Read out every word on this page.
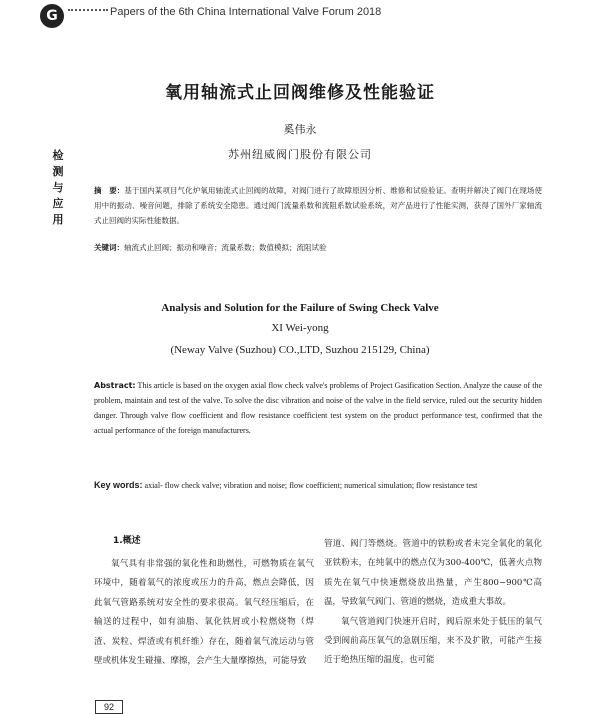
G	Papers of the 6th China International Valve Forum 2018
检
测
与
应
用
氧用轴流式止回阀维修及性能验证
奚伟永
苏州纽威阀门股份有限公司
摘　要：基于国内某项目气化炉氧用轴流式止回阀的故障，对阀门进行了故障原因分析、维修和试验验证。查明并解决了阀门在现场使用中的振动、噪音问题，排除了系统安全隐患。通过阀门流量系数和流阻系数试验系统，对产品进行了性能实测，获得了国外厂家轴流式止回阀的实际性能数据。
关键词：轴流式止回阀；振动和噪音；流量系数；数值模拟；流阻试验
Analysis and Solution for the Failure of Swing Check Valve
XI Wei-yong
(Neway Valve (Suzhou) CO.,LTD, Suzhou 215129, China)
Abstract: This article is based on the oxygen axial flow check valve's problems of Project Gasification Section. Analyze the cause of the problem, maintain and test of the valve. To solve the disc vibration and noise of the valve in the field service, ruled out the security hidden danger. Through valve flow coefficient and flow resistance coefficient test system on the product performance test, confirmed that the actual performance of the foreign manufacturers.
Key words: axial- flow check valve; vibration and noise; flow coefficient; numerical simulation; flow resistance test
1.概述

氧气具有非常强的氧化性和助燃性，可燃物质在氧气环境中，随着氧气的浓度或压力的升高，燃点会降低，因此氧气管路系统对安全性的要求很高。氧气经压缩后，在输送的过程中，如有油脂、氧化铁屑或小粒燃烧物（焊渣、炭粒、焊渣或有机纤维）存在，随着氧气流运动与管壁或机体发生碰撞、摩擦，会产生大量摩擦热，可能导致

管道、阀门等燃烧。管道中的铁粉或者未完全氧化的氧化亚铁粉末，在纯氧中的燃点仅为300-400℃，低著火点物质先在氧气中快速燃烧放出热量，产生800~900℃高温，导致氧气阀门、管道的燃烧，造成重大事故。

氧气管道阀门快速开启时，阀后原来处于低压的氧气受到阀前高压氧气的急剧压缩，来不及扩散，可能产生接近于绝热压缩的温度，也可能

92
